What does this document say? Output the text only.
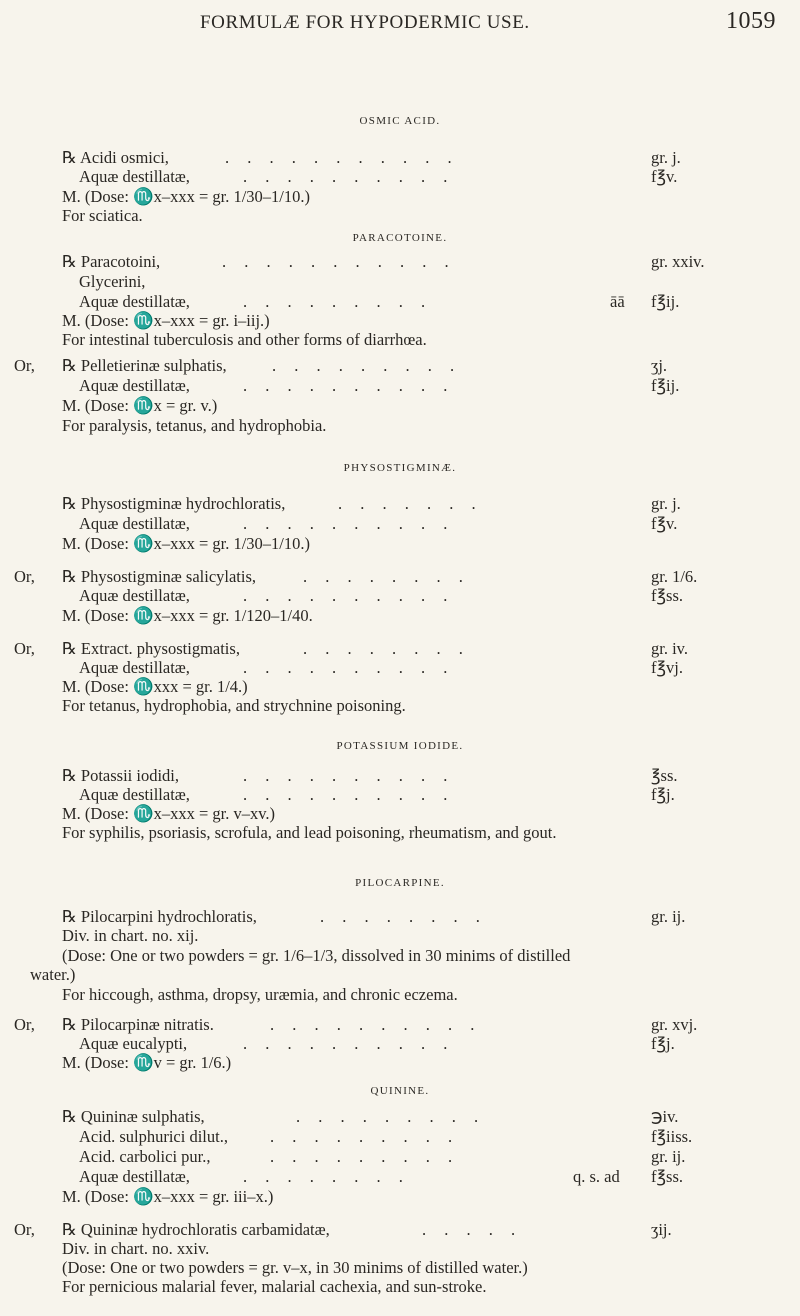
FORMULÆ FOR HYPODERMIC USE.	1059
OSMIC ACID.
℞ Acidi osmici,	. . . . . . . . . . .	gr. j.
Aquæ destillatæ,	. . . . . . . . . .	f℥v.
M. (Dose: ♏x–xxx = gr. 1/30–1/10.)
For sciatica.
PARACOTOINE.
℞ Paracotoini,	. . . . . . . . . . .	gr. xxiv.
Glycerini,
Aquæ destillatæ,	. . . . . . . . .	āā f℥ij.
M. (Dose: ♏x–xxx = gr. i–iij.)
For intestinal tuberculosis and other forms of diarrhœa.
Or, ℞ Pelletierinæ sulphatis,	. . . . . . . . .	ʒj.
Aquæ destillatæ,	. . . . . . . . . .	f℥ij.
M. (Dose: ♏x = gr. v.)
For paralysis, tetanus, and hydrophobia.
PHYSOSTIGMINÆ.
℞ Physostigminæ hydrochloratis,	. . . . . . .	gr. j.
Aquæ destillatæ,	. . . . . . . . . .	f℥v.
M. (Dose: ♏x–xxx = gr. 1/30–1/10.)
Or, ℞ Physostigminæ salicylatis,	. . . . . . . .	gr. 1/6.
Aquæ destillatæ,	. . . . . . . . . .	f℥ss.
M. (Dose: ♏x–xxx = gr. 1/120–1/40.
Or, ℞ Extract. physostigmatis,	. . . . . . . .	gr. iv.
Aquæ destillatæ,	. . . . . . . . . .	f℥vj.
M. (Dose: ♏xxx = gr. 1/4.)
For tetanus, hydrophobia, and strychnine poisoning.
POTASSIUM IODIDE.
℞ Potassii iodidi,	. . . . . . . . . .	℥ss.
Aquæ destillatæ,	. . . . . . . . . .	f℥j.
M. (Dose: ♏x–xxx = gr. v–xv.)
For syphilis, psoriasis, scrofula, and lead poisoning, rheumatism, and gout.
PILOCARPINE.
℞ Pilocarpini hydrochloratis,	. . . . . . . .	gr. ij.
Div. in chart. no. xij.
(Dose: One or two powders = gr. 1/6–1/3, dissolved in 30 minims of distilled
water.)
For hiccough, asthma, dropsy, uræmia, and chronic eczema.
Or, ℞ Pilocarpinæ nitratis.	. . . . . . . . . .	gr. xvj.
Aquæ eucalypti,	. . . . . . . . . .	f℥j.
M. (Dose: ♏v = gr. 1/6.)
QUININE.
℞ Quininæ sulphatis,	. . . . . . . . .	℈iv.
Acid. sulphurici dilut.,	. . . . . . . . .	f℥iiss.
Acid. carbolici pur.,	. . . . . . . . .	gr. ij.
Aquæ destillatæ,	. . . . . . . .	q. s. ad f℥ss.
M. (Dose: ♏x–xxx = gr. iii–x.)
Or, ℞ Quininæ hydrochloratis carbamidatæ,	. . . . .	ʒij.
Div. in chart. no. xxiv.
(Dose: One or two powders = gr. v–x, in 30 minims of distilled water.)
For pernicious malarial fever, malarial cachexia, and sun-stroke.
